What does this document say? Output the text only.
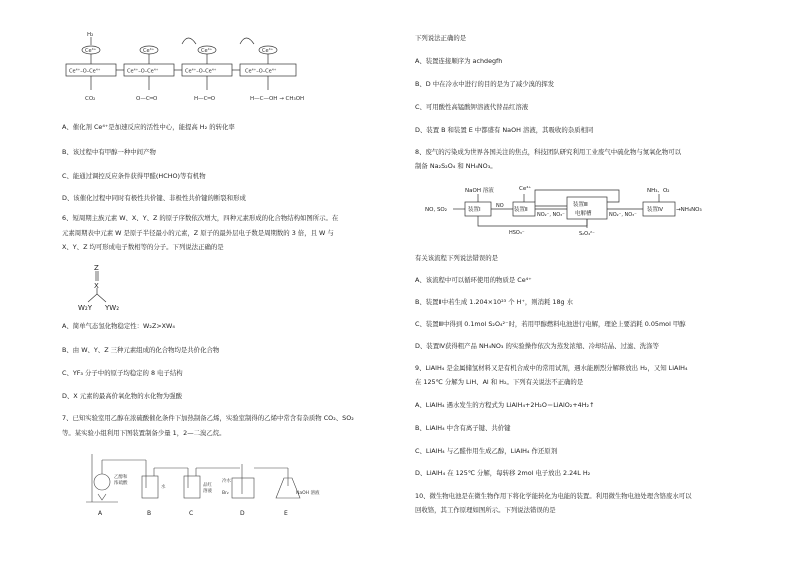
H₂
Ce⁴⁺	Ce⁴⁺	Ce⁴⁺	Ce⁴⁺
Ce⁴⁺–O–Ce⁴⁺	Ce⁴⁺–O–Ce⁴⁺	Ce⁴⁺–O–Ce⁴⁺	Ce⁴⁺–O–Ce⁴⁺
CO₂	O—C═O	H—C═O	H—C—OH → CH₃OH
A、催化剂 Ce⁴⁺是加速反应的活性中心，能提高 H₂ 的转化率
B、该过程中有甲醇一种中间产物
C、能通过调控反应条件获得甲醛(HCHO)等有机物
D、该催化过程中同时有极性共价键、非极性共价键的断裂和形成
6、短周期主族元素 W、X、Y、Z 的原子序数依次增大，四种元素形成的化合物结构如图所示。在
元素周期表中元素 W 是原子半径最小的元素，Z 原子的最外层电子数是周期数的 3 倍，且 W 与
X、Y、Z 均可形成电子数相等的分子。下列说法正确的是
Z
X
W₂Y YW₂
A、简单气态氢化物稳定性：W₂Z>XW₄
B、由 W、Y、Z 三种元素组成的化合物均是共价化合物
C、YF₃ 分子中的原子均稳定的 8 电子结构
D、X 元素的最高价氧化物的水化物为强酸
7、已知实验室用乙醇在浓硫酸催化条件下加热制备乙烯，实验室制得的乙烯中常含有杂质物 CO₂、SO₂
等。某实验小组利用下图装置制备少量 1，2—二溴乙烷。
A	B	C	D	E
乙醇和
浓硫酸
水	品红
溶液
冷水
Br₂	NaOH 溶液
下列说法正确的是
A、装置连接顺序为 achdegfh
B、D 中在冷水中进行的目的是为了减少溴的挥发
C、可用酸性高锰酸钾溶液代替品红溶液
D、装置 B 和装置 E 中都盛有 NaOH 溶液，其吸收的杂质相同
8、废气的污染成为世界各国关注的焦点，科技团队研究利用工业废气中硫化物与氮氧化物可以
制备 Na₂S₂O₄ 和 NH₄NO₃。
NO, SO₂
NaOH 溶液	Ce⁴⁺
装置Ⅰ	装置Ⅱ
装置Ⅲ
电解槽
装置Ⅳ
NO
NO₂⁻, NO₃⁻
NH₃、O₂
NO₂⁻, NO₃⁻
→NH₄NO₃
HSO₃⁻	S₂O₄²⁻
有关该流程下列说法错误的是
A、该流程中可以循环使用的物质是 Ce⁴⁺
B、装置Ⅱ中若生成 1.204×10²³ 个 H⁺，则消耗 18g 水
C、装置Ⅲ中得到 0.1mol S₂O₄²⁻时，若用甲醇燃料电池进行电解，理论上要消耗 0.05mol 甲醇
D、装置Ⅳ获得粗产品 NH₄NO₃ 的实验操作依次为蒸发浓缩、冷却结晶、过滤、洗涤等
9、LiAlH₄ 是金属储氢材料又是有机合成中的常用试剂，遇水能剧烈分解释放出 H₂，又知 LiAlH₄
在 125℃ 分解为 LiH、Al 和 H₂。下列有关说法不正确的是
A、LiAlH₄ 遇水发生的方程式为 LiAlH₄+2H₂O＝LiAlO₂+4H₂↑
B、LiAlH₄ 中含有离子键、共价键
C、LiAlH₄ 与乙醛作用生成乙醇，LiAlH₄ 作还原剂
D、LiAlH₄ 在 125℃ 分解，每转移 2mol 电子放出 2.24L H₂
10、微生物电池是在微生物作用下将化学能转化为电能的装置。利用微生物电池处理含铬废水可以
回收铬，其工作原理如图所示。下列说法错误的是
